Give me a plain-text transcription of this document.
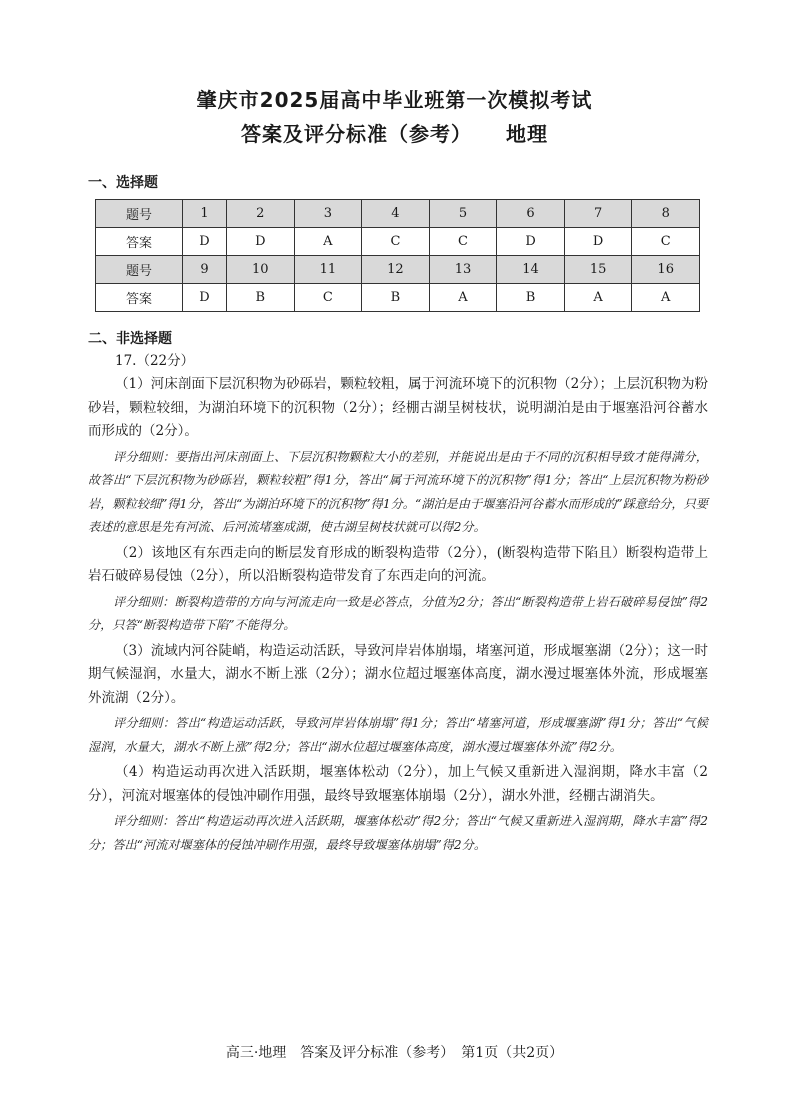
肇庆市2025届高中毕业班第一次模拟考试
答案及评分标准（参考） 地理
一、选择题
题号	1	2	3	4	5	6	7	8
答案	D	D	A	C	C	D	D	C
题号	9	10	11	12	13	14	15	16
答案	D	B	C	B	A	B	A	A
二、非选择题

17.（22分）

（1）河床剖面下层沉积物为砂砾岩，颗粒较粗，属于河流环境下的沉积物（2分）；上层沉积物为粉砂岩，颗粒较细，为湖泊环境下的沉积物（2分）；经棚古湖呈树枝状，说明湖泊是由于堰塞沿河谷蓄水而形成的（2分）。

评分细则：要指出河床剖面上、下层沉积物颗粒大小的差别，并能说出是由于不同的沉积相导致才能得满分，故答出“下层沉积物为砂砾岩，颗粒较粗”得1分，答出“属于河流环境下的沉积物”得1分；答出“上层沉积物为粉砂岩，颗粒较细”得1分，答出“为湖泊环境下的沉积物”得1分。“湖泊是由于堰塞沿河谷蓄水而形成的”踩意给分，只要表述的意思是先有河流、后河流堵塞成湖，使古湖呈树枝状就可以得2分。

（2）该地区有东西走向的断层发育形成的断裂构造带（2分），(断裂构造带下陷且）断裂构造带上岩石破碎易侵蚀（2分），所以沿断裂构造带发育了东西走向的河流。

评分细则：断裂构造带的方向与河流走向一致是必答点，分值为2分；答出“断裂构造带上岩石破碎易侵蚀”得2分，只答“断裂构造带下陷”不能得分。

（3）流域内河谷陡峭，构造运动活跃，导致河岸岩体崩塌，堵塞河道，形成堰塞湖（2分）；这一时期气候湿润，水量大，湖水不断上涨（2分）；湖水位超过堰塞体高度，湖水漫过堰塞体外流，形成堰塞外流湖（2分）。

评分细则：答出“构造运动活跃，导致河岸岩体崩塌”得1分；答出“堵塞河道，形成堰塞湖”得1分；答出“气候湿润，水量大，湖水不断上涨”得2分；答出“湖水位超过堰塞体高度，湖水漫过堰塞体外流”得2分。

（4）构造运动再次进入活跃期，堰塞体松动（2分），加上气候又重新进入湿润期，降水丰富（2分），河流对堰塞体的侵蚀冲刷作用强，最终导致堰塞体崩塌（2分），湖水外泄，经棚古湖消失。

评分细则：答出“构造运动再次进入活跃期，堰塞体松动”得2分；答出“气候又重新进入湿润期，降水丰富”得2分；答出“河流对堰塞体的侵蚀冲刷作用强，最终导致堰塞体崩塌”得2分。

高三·地理　答案及评分标准（参考）　第1页（共2页）
